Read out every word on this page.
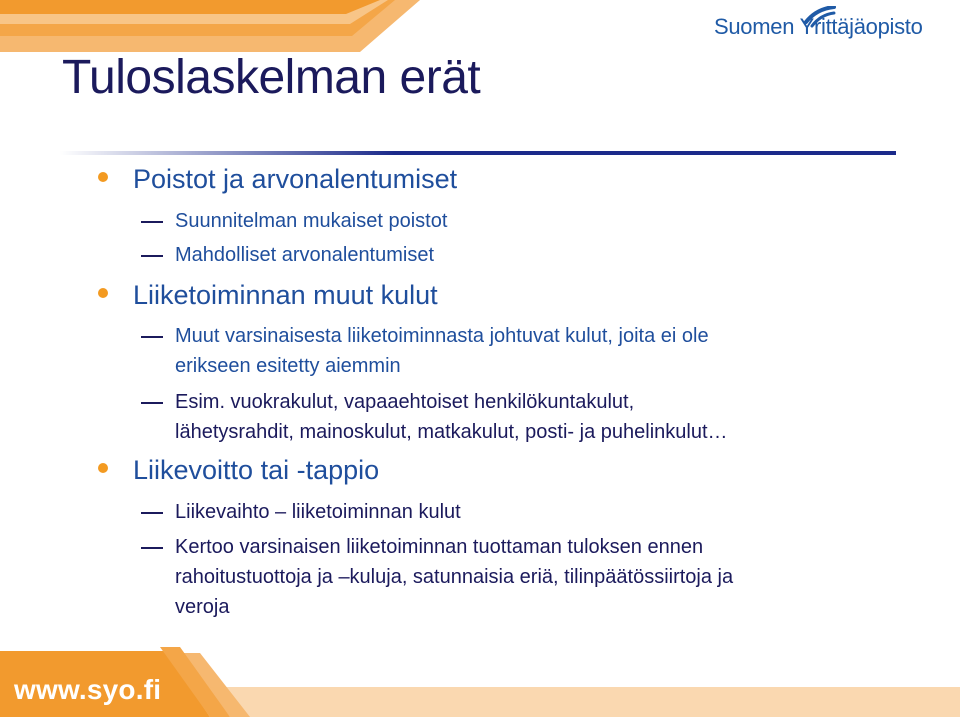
Suomen Yrittäjäopisto
Tuloslaskelman erät
Poistot ja arvonalentumiset
Suunnitelman mukaiset poistot
Mahdolliset arvonalentumiset
Liiketoiminnan muut kulut
Muut varsinaisesta liiketoiminnasta johtuvat kulut, joita ei ole
erikseen esitetty aiemmin
Esim. vuokrakulut, vapaaehtoiset henkilökuntakulut,
lähetysrahdit, mainoskulut, matkakulut, posti- ja puhelinkulut…
Liikevoitto tai -tappio
Liikevaihto – liiketoiminnan kulut
Kertoo varsinaisen liiketoiminnan tuottaman tuloksen ennen
rahoitustuottoja ja –kuluja, satunnaisia eriä, tilinpäätössiirtoja ja
veroja
www.syo.fi
